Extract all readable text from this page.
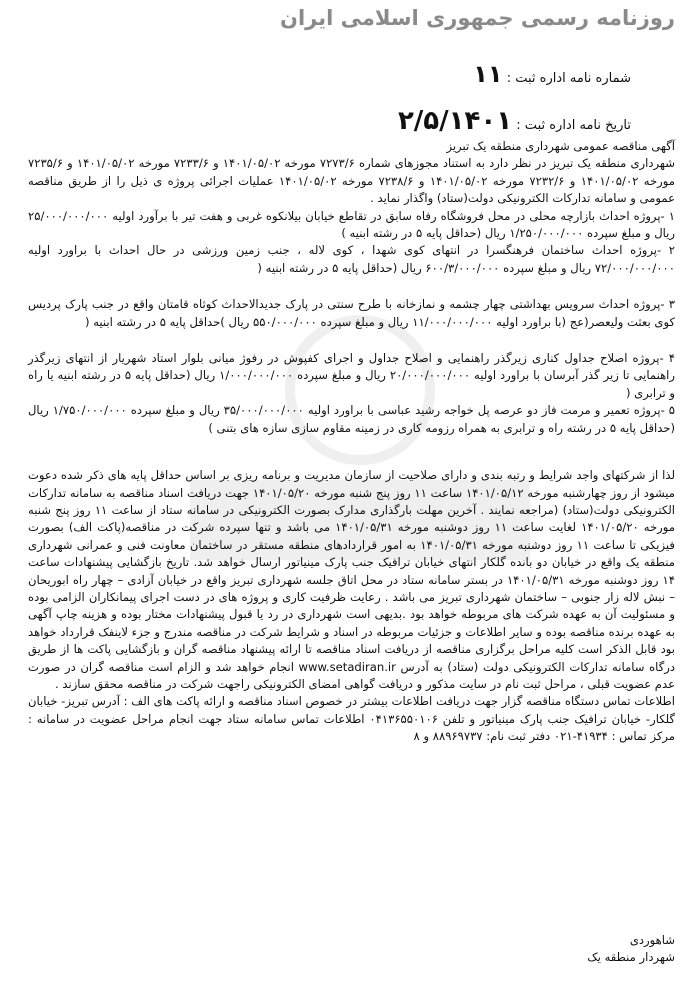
روزنامه رسمی جمهوری اسلامی ایران
شماره نامه اداره ثبت : ۱۱
تاریخ نامه اداره ثبت : ۲/۵/۱۴۰۱

آگهی مناقصه عمومی شهرداری منطقه یک تبریز

شهرداری منطقه یک تبریز در نظر دارد به استناد مجوزهای شماره ۷۲۷۳/۶ مورخه ۱۴۰۱/۰۵/۰۲ و ۷۲۳۳/۶ مورخه ۱۴۰۱/۰۵/۰۲ و ۷۲۳۵/۶ مورخه ۱۴۰۱/۰۵/۰۲ و ۷۲۳۲/۶ مورخه ۱۴۰۱/۰۵/۰۲ و ۷۲۳۸/۶ مورخه ۱۴۰۱/۰۵/۰۲ عملیات اجرائی پروژه ی ذیل را از طریق مناقصه عمومی و سامانه تدارکات الکترونیکی دولت(ستاد) واگذار نماید .

۱ -پروژه احداث بازارچه محلی در محل فروشگاه رفاه سابق در تقاطع خیابان بیلانکوه غربی و هفت تیر با برآورد اولیه ۲۵/۰۰۰/۰۰۰/۰۰۰ ریال و مبلغ سپرده ۱/۲۵۰/۰۰۰/۰۰۰ ریال (حداقل پایه ۵ در رشته ابنیه )

۲ -پروژه احداث ساختمان فرهنگسرا در انتهای کوی شهدا ، کوی لاله ، جنب زمین ورزشی در حال احداث با براورد اولیه ۷۲/۰۰۰/۰۰۰/۰۰۰ ریال و مبلغ سپرده ۶۰۰/۳/۰۰۰/۰۰۰ ریال (حداقل پایه ۵ در رشته ابنیه (

۳ -پروژه احداث سرویس بهداشتی چهار چشمه و نمازخانه با طرح سنتی در پارک جدیدالاحداث کوثاه قامتان واقع در جنب پارک پردیس کوی بعثت ولیعصر(عج (با براورد اولیه ۱۱/۰۰۰/۰۰۰/۰۰۰ ریال و مبلغ سپرده ۵۵۰/۰۰۰/۰۰۰ ریال )حداقل پایه ۵ در رشته ابنیه (

۴ -پروژه اصلاح جداول کناری زیرگذر راهنمایی و اصلاح جداول و اجرای کفپوش در رفوژ میانی بلوار استاد شهریار از انتهای زیرگذر راهنمایی تا زیر گذر آبرسان با براورد اولیه ۲۰/۰۰۰/۰۰۰/۰۰۰ ریال و مبلغ سپرده ۱/۰۰۰/۰۰۰/۰۰۰ ریال (حداقل پایه ۵ در رشته ابنیه یا راه و ترابری (

۵ -پروژه تعمیر و مرمت فاز دو عرصه پل خواجه رشید عباسی با براورد اولیه ۳۵/۰۰۰/۰۰۰/۰۰۰ ریال و مبلغ سپرده ۱/۷۵۰/۰۰۰/۰۰۰ ریال (حداقل پایه ۵ در رشته راه و ترابری به همراه رزومه کاری در زمینه مقاوم سازی سازه های بتنی )

لذا از شرکتهای واجد شرایط و رتبه بندی و دارای صلاحیت از سازمان مدیریت و برنامه ریزی بر اساس حداقل پایه های ذکر شده دعوت میشود از روز چهارشنبه مورخه ۱۴۰۱/۰۵/۱۲ ساعت ۱۱ روز پنج شنبه مورخه ۱۴۰۱/۰۵/۲۰ جهت دریافت اسناد مناقصه به سامانه تدارکات الکترونیکی دولت(ستاد) (مراجعه نمایند . آخرین مهلت بارگذاری مدارک بصورت الکترونیکی در سامانه ستاد از ساعت ۱۱ روز پنج شنبه مورخه ۱۴۰۱/۰۵/۲۰ لغایت ساعت ۱۱ روز دوشنبه مورخه ۱۴۰۱/۰۵/۳۱ می باشد و تنها سپرده شرکت در مناقصه(پاکت الف) بصورت فیزیکی تا ساعت ۱۱ روز دوشنبه مورخه ۱۴۰۱/۰۵/۳۱ به امور قراردادهای منطقه مستقر در ساختمان معاونت فنی و عمرانی شهرداری منطقه یک واقع در خیابان دو بانده گلکار انتهای خیابان ترافیک جنب پارک مینیاتور ارسال خواهد شد. تاریخ بازگشایی پیشنهادات ساعت ۱۴ روز دوشنبه مورخه ۱۴۰۱/۰۵/۳۱ در بستر سامانه ستاد در محل اتاق جلسه شهرداری تبریز واقع در خیابان آزادی – چهار راه ابوریحان – نبش لاله زار جنوبی – ساختمان شهرداری تبریز می باشد . رعایت ظرفیت کاری و پروژه های در دست اجرای پیمانکاران الزامی بوده و مسئولیت آن به عهده شرکت های مربوطه خواهد بود .بدیهی است شهرداری در رد یا قبول پیشنهادات مختار بوده و هزینه چاپ آگهی به عهده برنده مناقصه بوده و سایر اطلاعات و جزئیات مربوطه در اسناد و شرایط شرکت در مناقصه مندرج و جزء لاینفک قرارداد خواهد بود قابل الذکر است کلیه مراحل برگزاری مناقصه از دریافت اسناد مناقصه تا ارائه پیشنهاد مناقصه گران و بازگشایی پاکت ها از طریق درگاه سامانه تدارکات الکترونیکی دولت (ستاد) به آدرس www.setadiran.ir انجام خواهد شد و الزام است مناقصه گران در صورت عدم عضویت قبلی ، مراحل ثبت نام در سایت مذکور و دریافت گواهی امضای الکترونیکی راجهت شرکت در مناقصه محقق سازند .

اطلاعات تماس دستگاه مناقصه گزار جهت دریافت اطلاعات بیشتر در خصوص اسناد مناقصه و ارائه پاکت های الف : آدرس تبریز- خیابان گلکار- خیابان ترافیک جنب پارک مینیاتور و تلفن ۰۴۱۳۶۵۵۰۱۰۶ اطلاعات تماس سامانه ستاد جهت انجام مراحل عضویت در سامانه : مرکز تماس : ۴۱۹۳۴-۰۲۱ دفتر ثبت نام: ۸۸۹۶۹۷۳۷ و ۸

شاهوردی
شهردار منطقه یک
